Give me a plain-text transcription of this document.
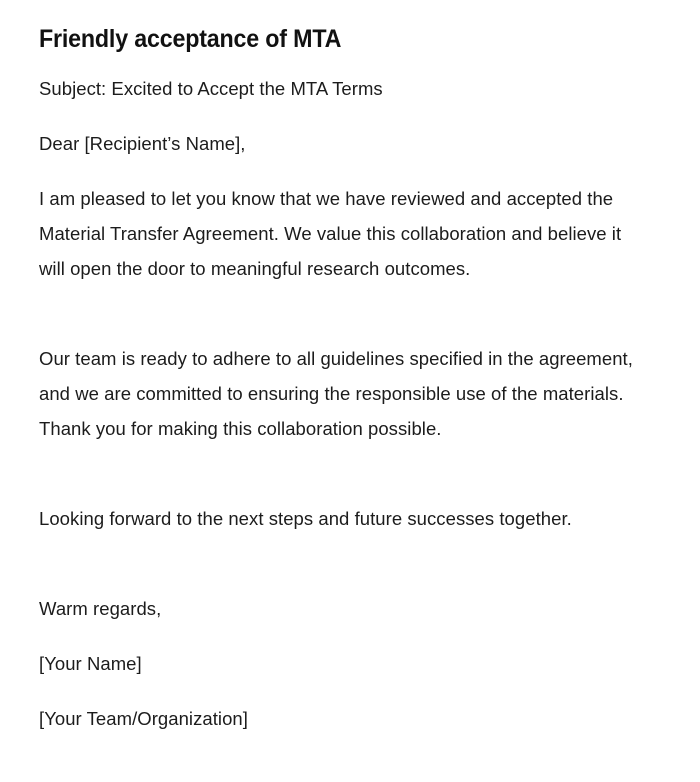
Friendly acceptance of MTA

Subject: Excited to Accept the MTA Terms

Dear [Recipient’s Name],

I am pleased to let you know that we have reviewed and accepted the Material Transfer Agreement. We value this collaboration and believe it will open the door to meaningful research outcomes.

Our team is ready to adhere to all guidelines specified in the agreement, and we are committed to ensuring the responsible use of the materials. Thank you for making this collaboration possible.

Looking forward to the next steps and future successes together.

Warm regards,

[Your Name]

[Your Team/Organization]
